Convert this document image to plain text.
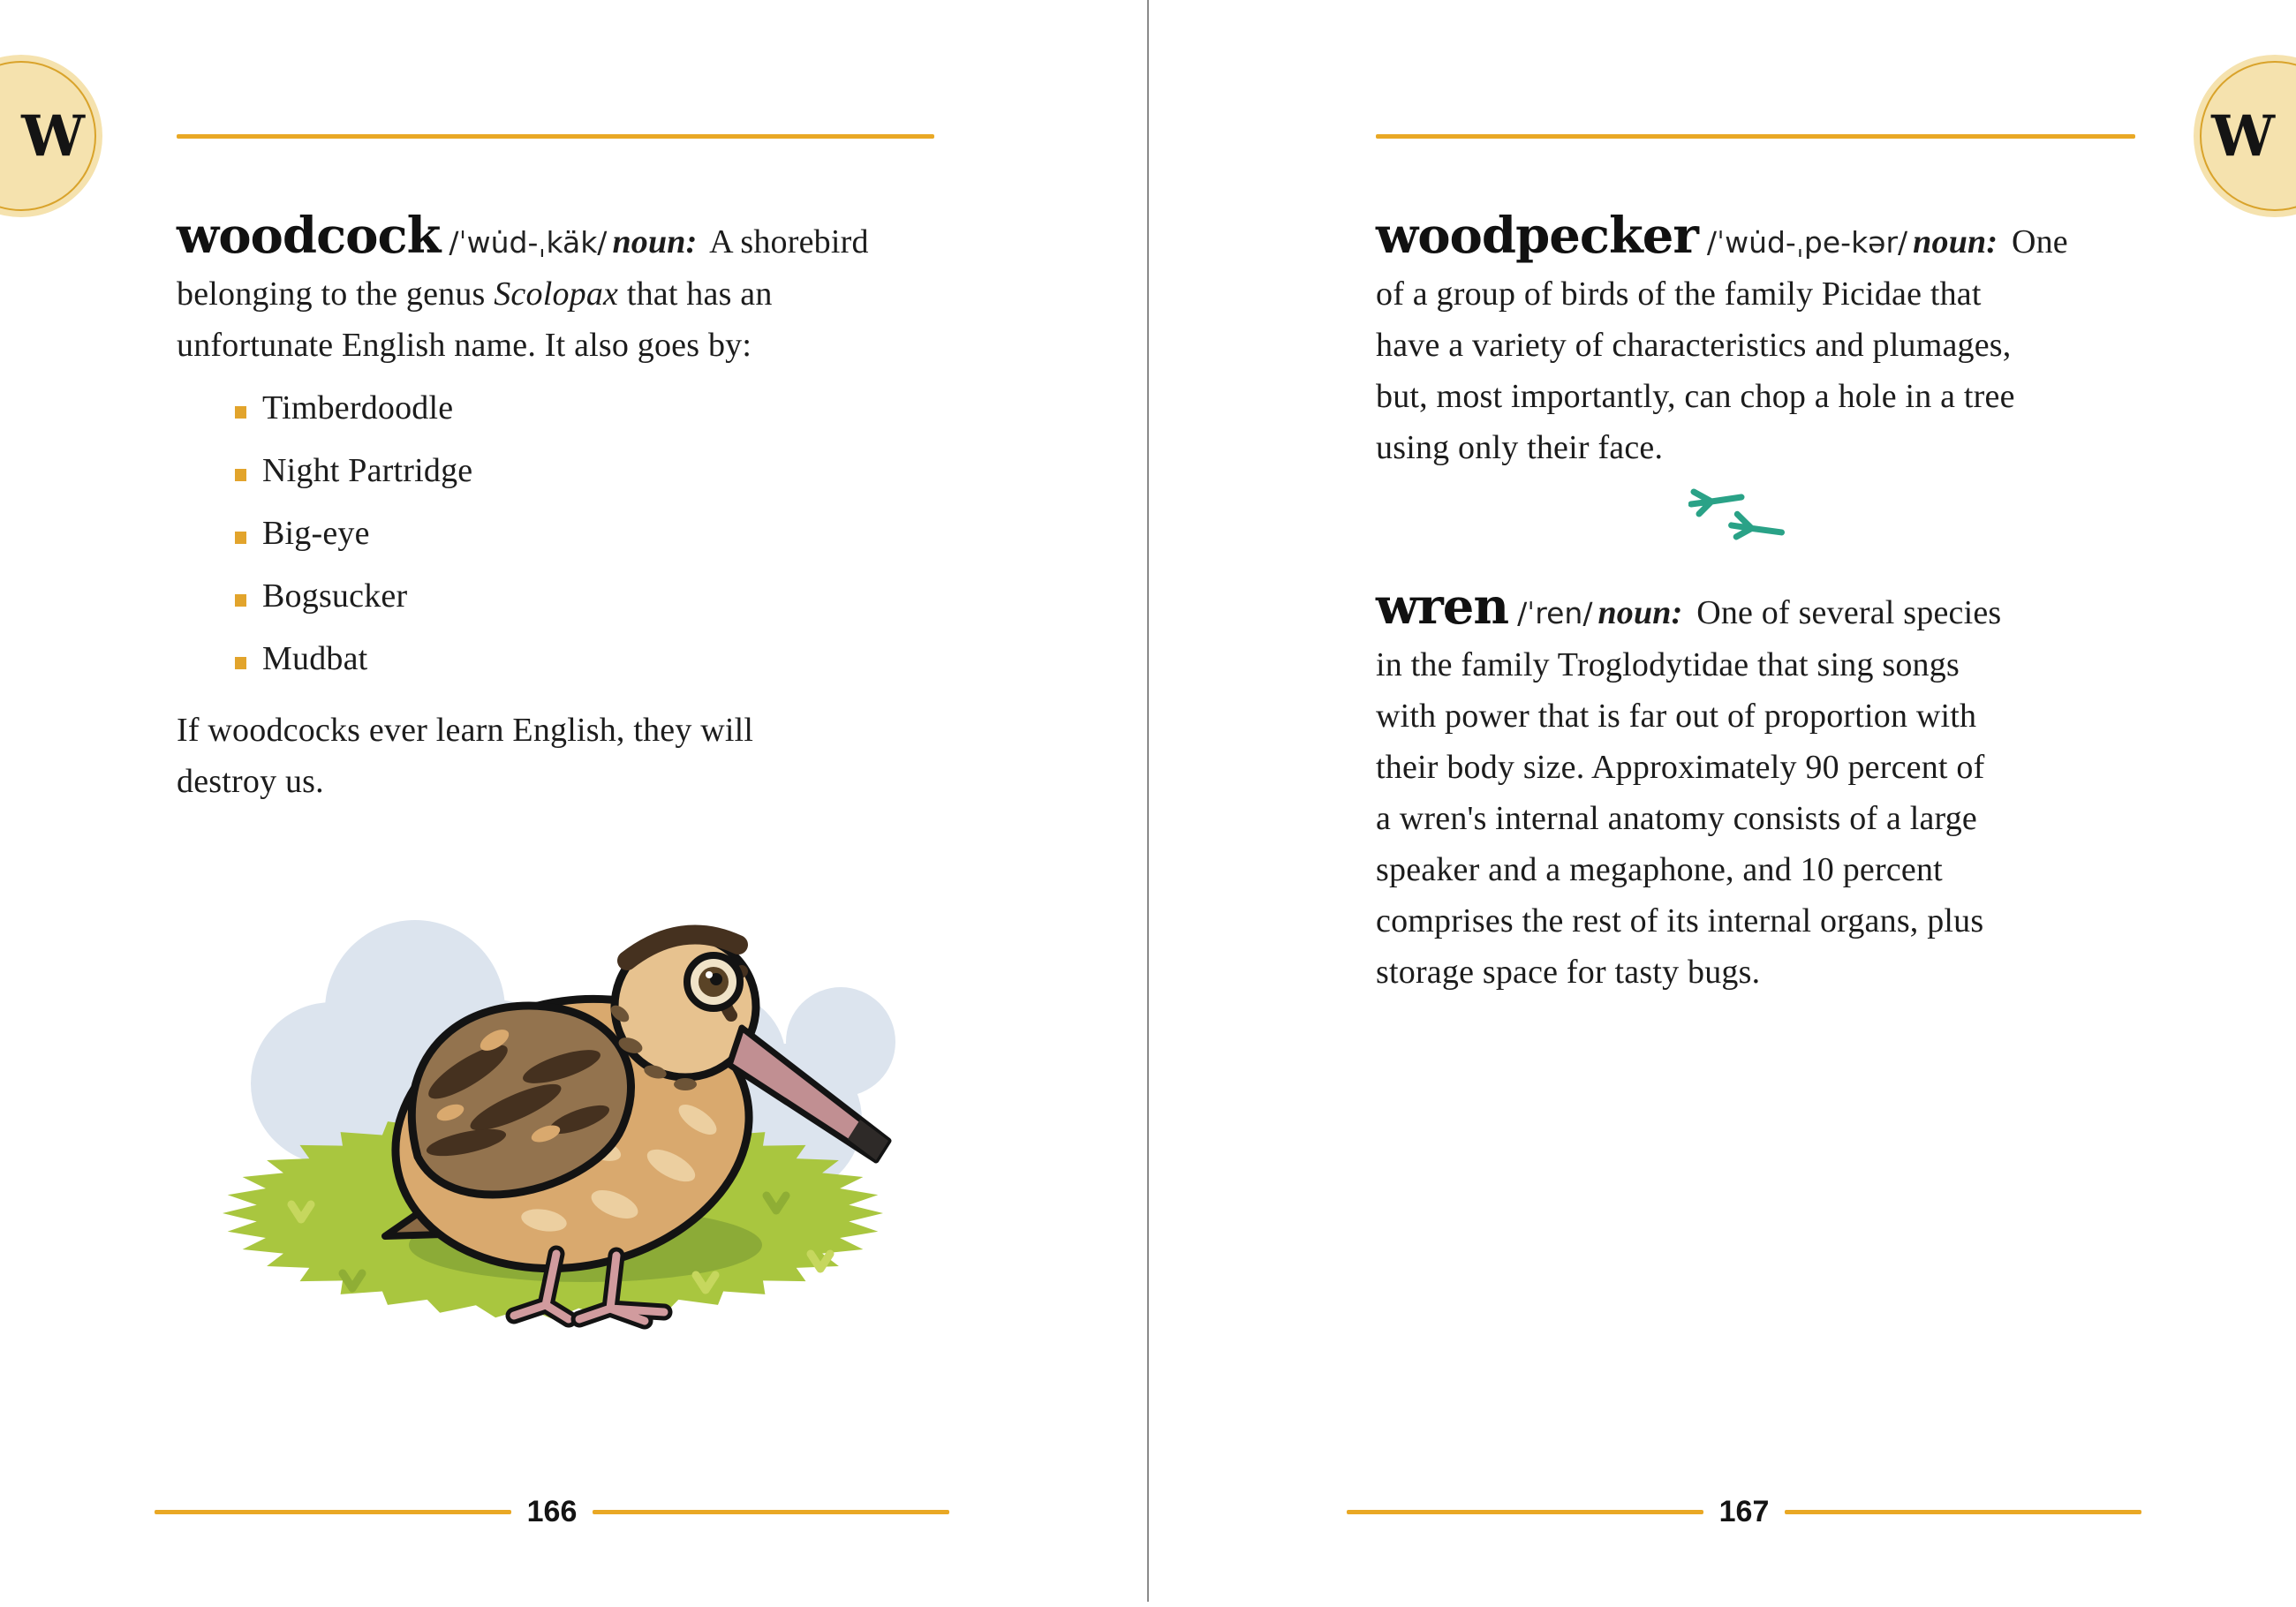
W
woodcock /ˈwu̇d-ˌkäk/ noun: A shorebird
belonging to the genus Scolopax that has an
unfortunate English name. It also goes by:
Timberdoodle
Night Partridge
Big-eye
Bogsucker
Mudbat
If woodcocks ever learn English, they will
destroy us.
166
W
woodpecker /ˈwu̇d-ˌpe-kər/ noun: One
of a group of birds of the family Picidae that
have a variety of characteristics and plumages,
but, most importantly, can chop a hole in a tree
using only their face.
wren /ˈren/ noun: One of several species
in the family Troglodytidae that sing songs
with power that is far out of proportion with
their body size. Approximately 90 percent of
a wren's internal anatomy consists of a large
speaker and a megaphone, and 10 percent
comprises the rest of its internal organs, plus
storage space for tasty bugs.
167
